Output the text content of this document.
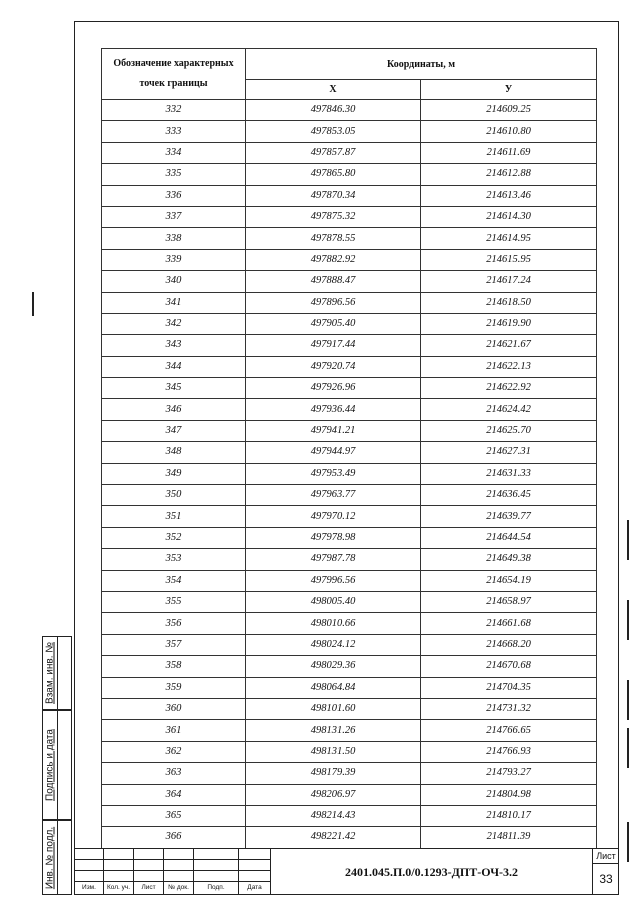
Обозначение характерных точек границы	Координаты, м	
	Х	У
332	497846.30	214609.25
333	497853.05	214610.80
334	497857.87	214611.69
335	497865.80	214612.88
336	497870.34	214613.46
337	497875.32	214614.30
338	497878.55	214614.95
339	497882.92	214615.95
340	497888.47	214617.24
341	497896.56	214618.50
342	497905.40	214619.90
343	497917.44	214621.67
344	497920.74	214622.13
345	497926.96	214622.92
346	497936.44	214624.42
347	497941.21	214625.70
348	497944.97	214627.31
349	497953.49	214631.33
350	497963.77	214636.45
351	497970.12	214639.77
352	497978.98	214644.54
353	497987.78	214649.38
354	497996.56	214654.19
355	498005.40	214658.97
356	498010.66	214661.68
357	498024.12	214668.20
358	498029.36	214670.68
359	498064.84	214704.35
360	498101.60	214731.32
361	498131.26	214766.65
362	498131.50	214766.93
363	498179.39	214793.27
364	498206.97	214804.98
365	498214.43	214810.17
366	498221.42	214811.39
Взам. инв. №
Подпись и дата
Инв. № подл.	Изм.	Кол. уч.	Лист	№ док.	Подп.	Дата
2401.045.П.0/0.1293-ДПТ-ОЧ-3.2
Лист
33
